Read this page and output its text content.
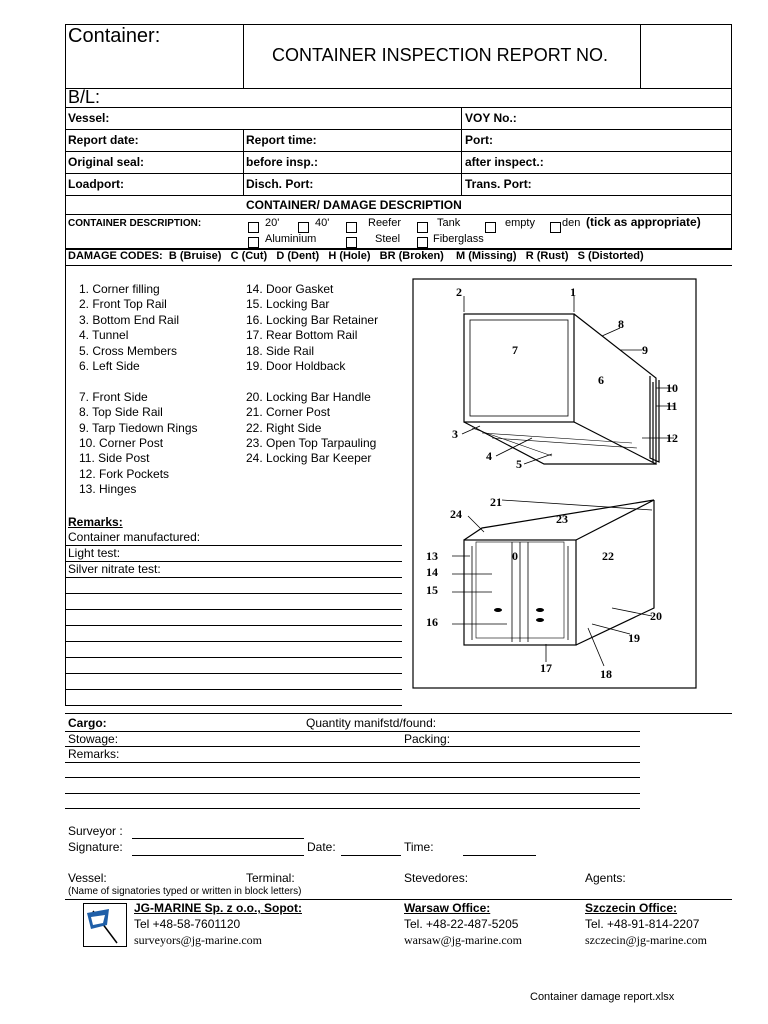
Container:
CONTAINER INSPECTION REPORT NO.
B/L:
Vessel:	VOY No.:
Report date:	Report time:	Port:
Original seal:	before insp.:	after inspect.:
Loadport:	Disch. Port:	Trans. Port:
CONTAINER/ DAMAGE DESCRIPTION
CONTAINER DESCRIPTION:	20'	40'	Reefer	Tank	empty den (tick as appropriate)
Aluminium	Steel	Fiberglass
DAMAGE CODES:  B (Bruise)   C (Cut)   D (Dent)   H (Hole)   BR (Broken)    M (Missing)   R (Rust)   S (Distorted)
1. Corner filling
2. Front Top Rail
3. Bottom End Rail
4. Tunnel
5. Cross Members
6. Left Side
7. Front Side
8. Top Side Rail
9. Tarp Tiedown Rings
10. Corner Post
11. Side Post
12. Fork Pockets
13. Hinges
14. Door Gasket
15. Locking Bar
16. Locking Bar Retainer
17. Rear Bottom Rail
18. Side Rail
19. Door Holdback
20. Locking Bar Handle
21. Corner Post
22. Right Side
23. Open Top Tarpauling
24. Locking Bar Keeper
1
2
3
4
5
6
7
8
9
10
11
12
13
14
15
16
17	18
19
20
21
22
23
24
0
Remarks:
Container manufactured:
Light test:
Silver nitrate test:
Cargo:	Quantity manifstd/found:
Stowage:	Packing:
Remarks:
Surveyor :
Signature:	Date:	Time:
Vessel:	Terminal:	Stevedores:	Agents:
(Name of signatories typed or written in block letters)
JG-MARINE Sp. z o.o., Sopot:
Tel +48-58-7601120
surveyors@jg-marine.com
Warsaw Office:
Tel. +48-22-487-5205
warsaw@jg-marine.com
Szczecin Office:
Tel. +48-91-814-2207
szczecin@jg-marine.com
Container damage report.xlsx
